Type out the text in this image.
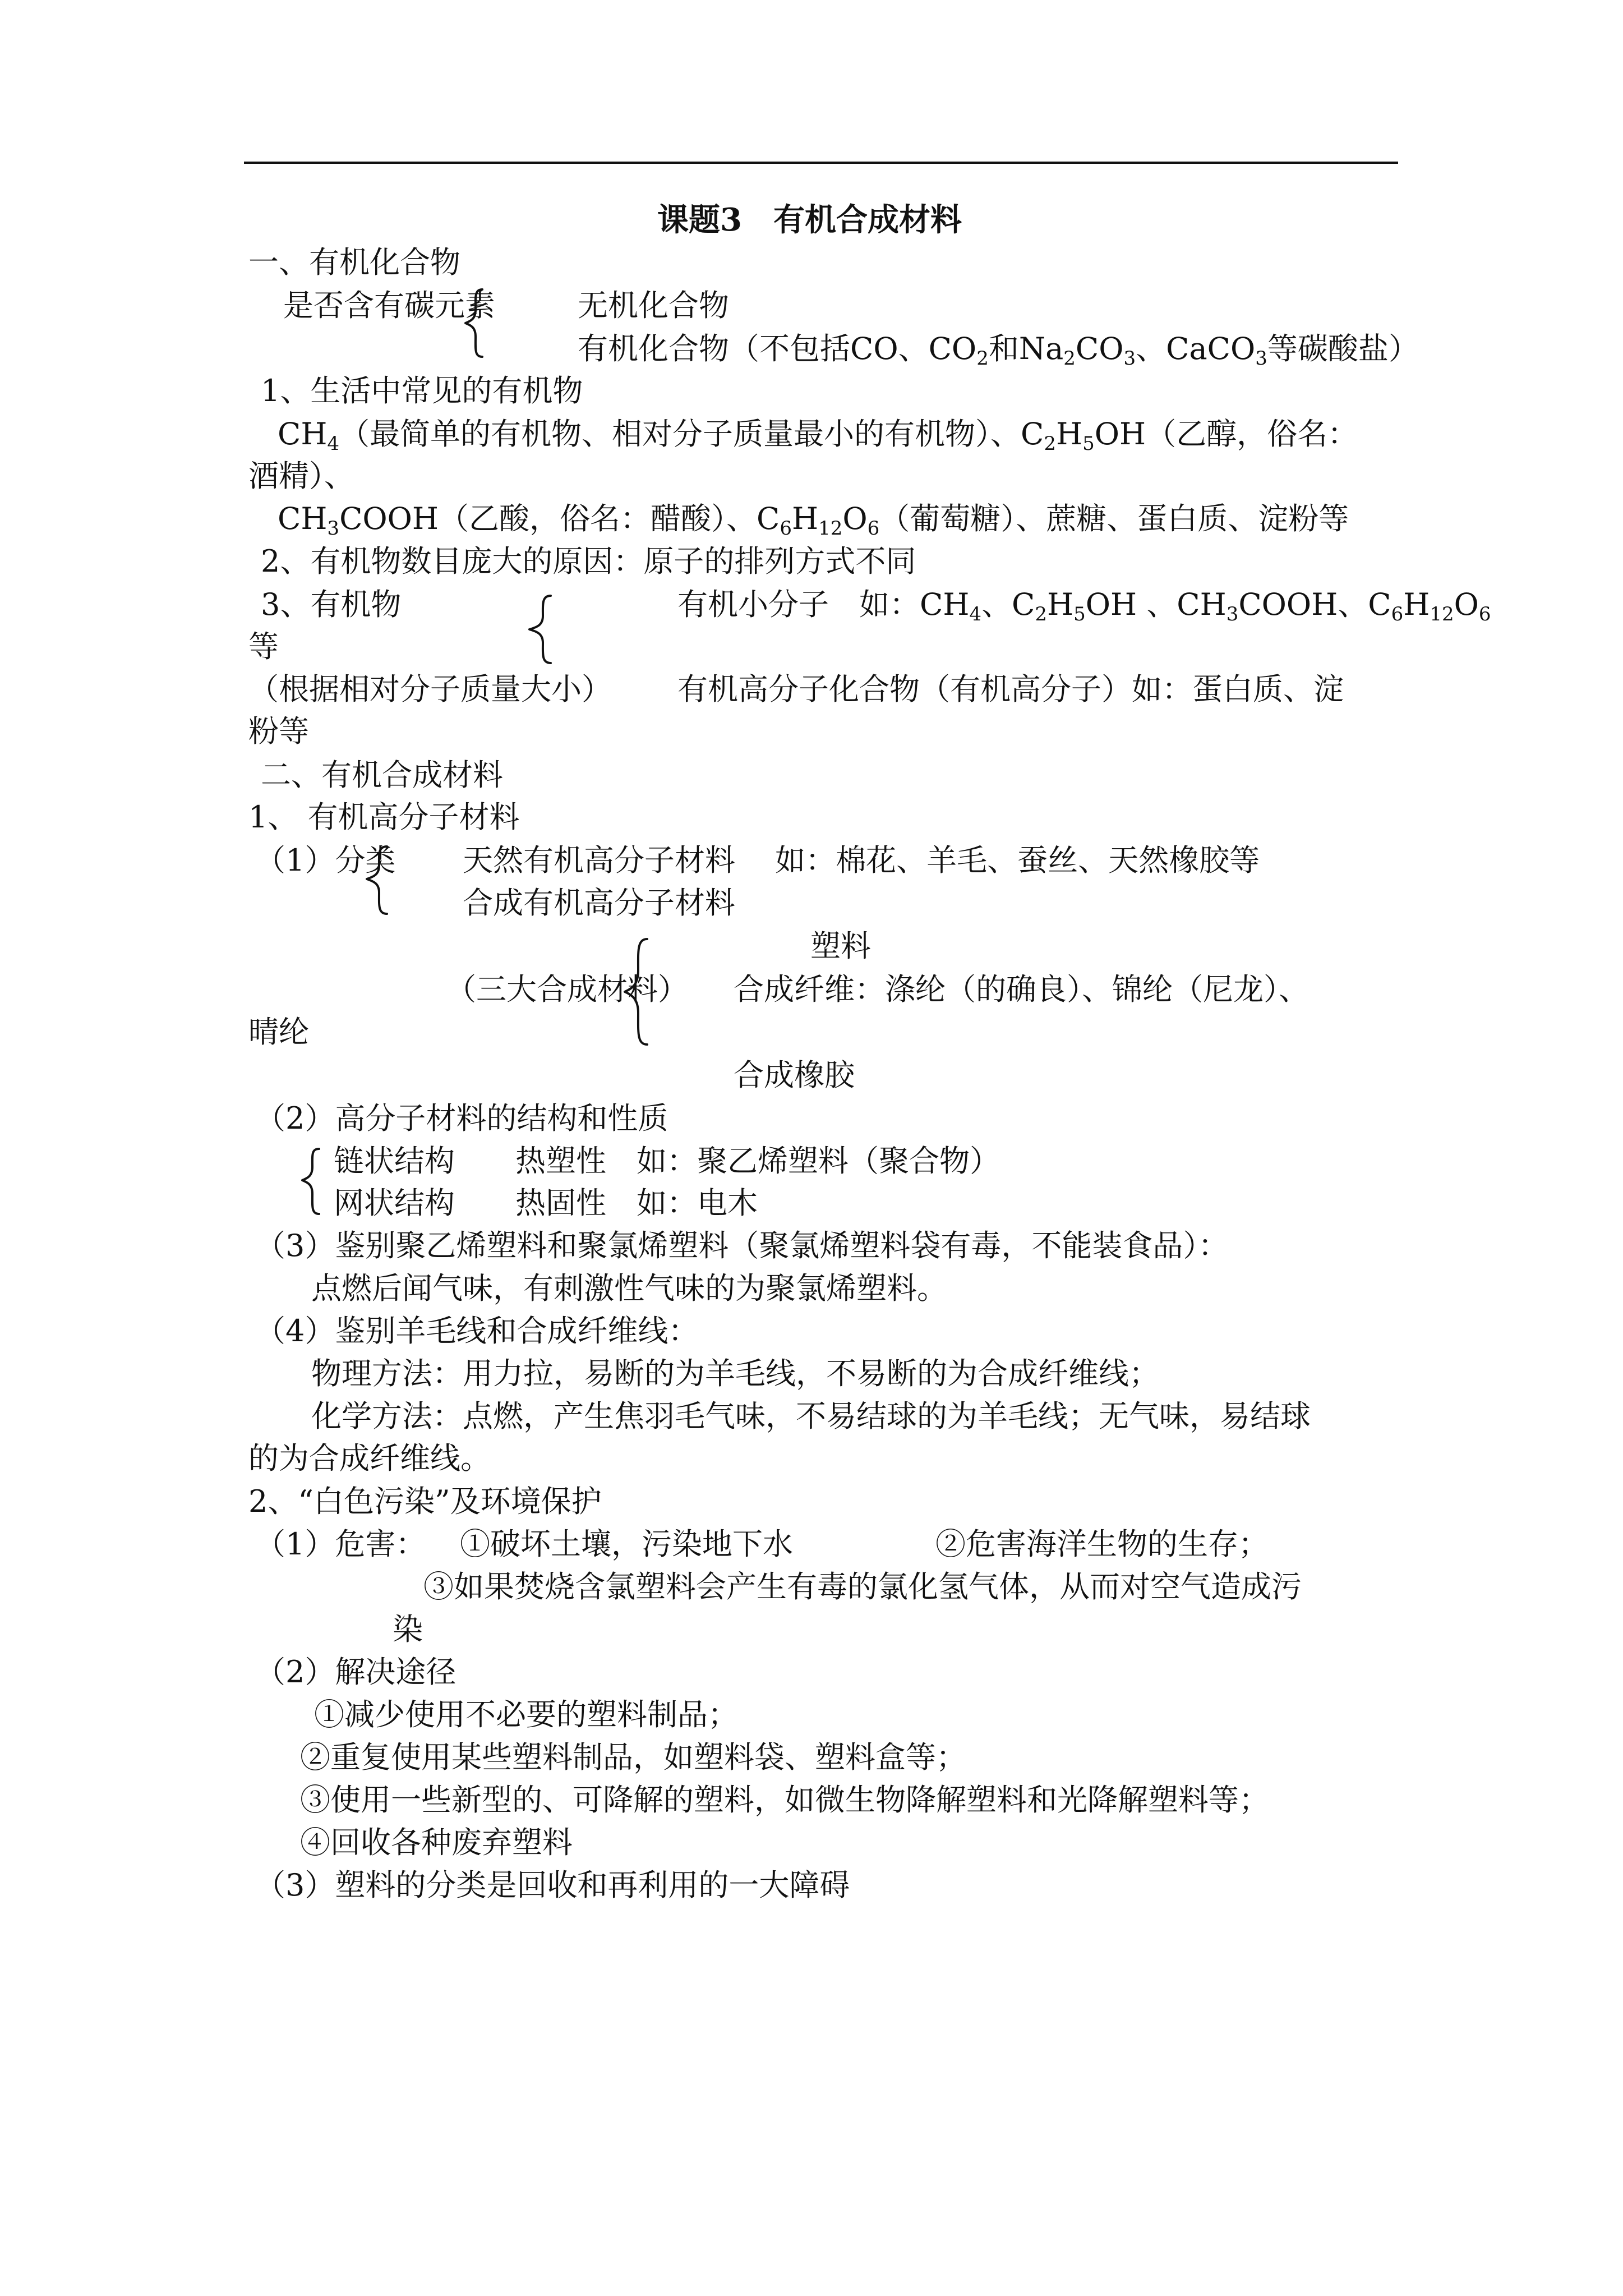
课题3　有机合成材料
一、有机化合物
是否含有碳元素	无机化合物
有机化合物（不包括CO、$CO_2$和$Na_2CO_3$、CaCO$_3$等碳酸盐）
1、生活中常见的有机物
$CH_4$（最简单的有机物、相对分子质量最小的有机物）、$C_2H_5OH$（乙醇，俗名：
酒精）、
$CH_3COOH$（乙酸，俗名：醋酸）、$C_6H_{12}O_6$（葡萄糖）、蔗糖、蛋白质、淀粉等
2、有机物数目庞大的原因：原子的排列方式不同
3、有机物	有机小分子　如：$CH_4$、$C_2H_5OH$ 、$CH_3COOH$、$C_6H_{12}O_6$
等
（根据相对分子质量大小） 有机高分子化合物（有机高分子）如：蛋白质、淀
粉等
二、有机合成材料
1、 有机高分子材料
（1）分类 天然有机高分子材料　 如：棉花、羊毛、蚕丝、天然橡胶等
合成有机高分子材料
塑料
（三大合成材料） 合成纤维：涤纶（的确良）、锦纶（尼龙）、
晴纶
合成橡胶
（2）高分子材料的结构和性质
链状结构　　热塑性　如：聚乙烯塑料（聚合物）
网状结构　　热固性　如：电木
（3）鉴别聚乙烯塑料和聚氯烯塑料（聚氯烯塑料袋有毒，不能装食品）：
点燃后闻气味，有刺激性气味的为聚氯烯塑料。
（4）鉴别羊毛线和合成纤维线：
物理方法：用力拉，易断的为羊毛线，不易断的为合成纤维线；
化学方法：点燃，产生焦羽毛气味，不易结球的为羊毛线；无气味，易结球
的为合成纤维线。
2、“白色污染”及环境保护
（1）危害： ①破坏土壤，污染地下水	②危害海洋生物的生存；
③如果焚烧含氯塑料会产生有毒的氯化氢气体，从而对空气造成污
染
（2）解决途径
①减少使用不必要的塑料制品；
②重复使用某些塑料制品，如塑料袋、塑料盒等；
③使用一些新型的、可降解的塑料，如微生物降解塑料和光降解塑料等；
④回收各种废弃塑料
（3）塑料的分类是回收和再利用的一大障碍
